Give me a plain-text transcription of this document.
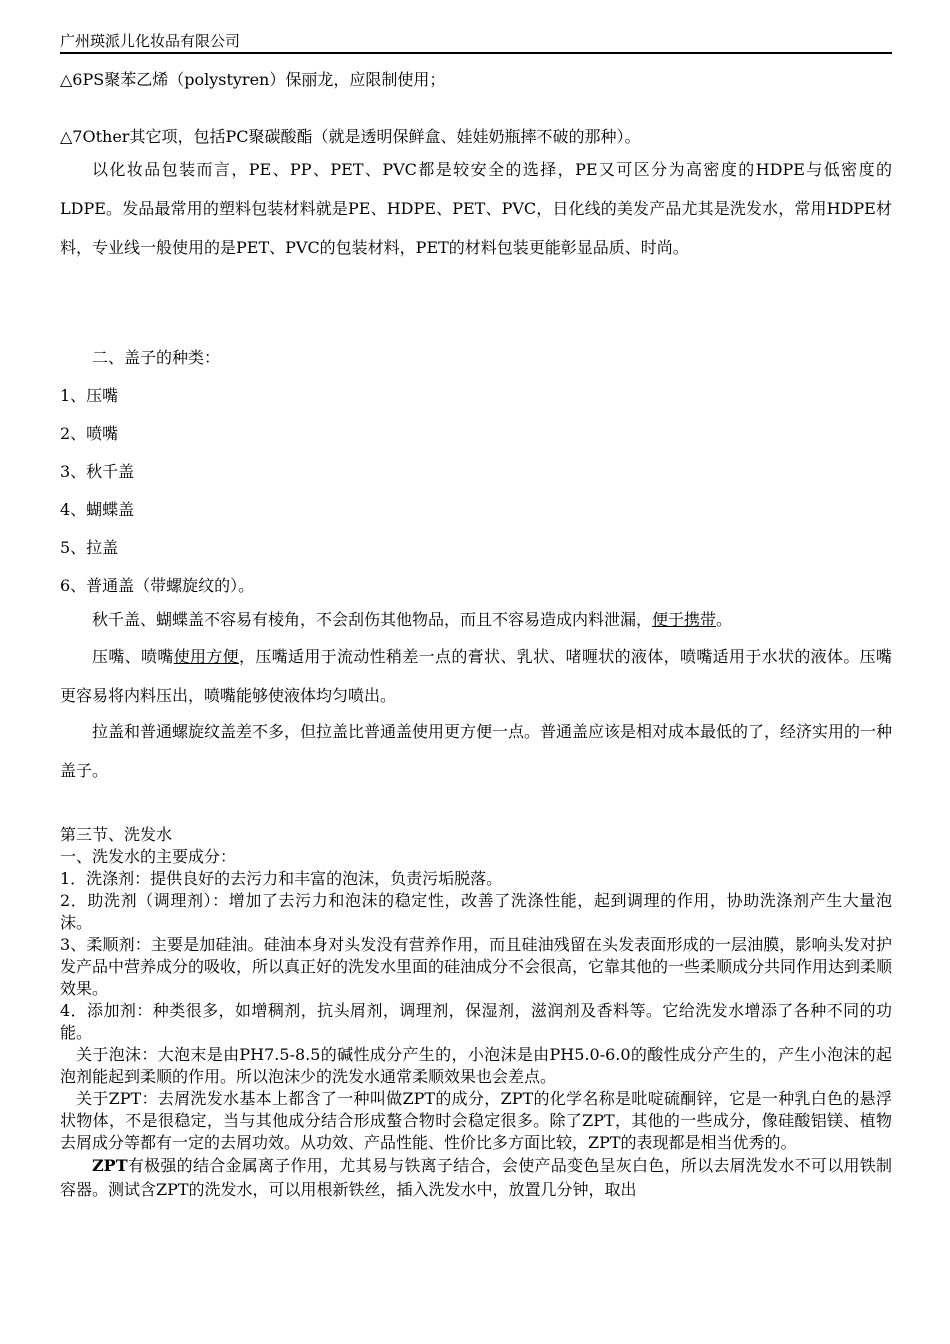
广州瑛派儿化妆品有限公司
△6PS聚苯乙烯（polystyren）保丽龙，应限制使用；
△7Other其它项，包括PC聚碳酸酯（就是透明保鲜盒、娃娃奶瓶摔不破的那种）。
以化妆品包装而言，PE、PP、PET、PVC都是较安全的选择，PE又可区分为高密度的HDPE与低密度的LDPE。发品最常用的塑料包装材料就是PE、HDPE、PET、PVC，日化线的美发产品尤其是洗发水，常用HDPE材料，专业线一般使用的是PET、PVC的包装材料，PET的材料包装更能彰显品质、时尚。
二、盖子的种类：
1、压嘴
2、喷嘴
3、秋千盖
4、蝴蝶盖
5、拉盖
6、普通盖（带螺旋纹的）。
秋千盖、蝴蝶盖不容易有棱角，不会刮伤其他物品，而且不容易造成内料泄漏，便于携带。
压嘴、喷嘴使用方便，压嘴适用于流动性稍差一点的膏状、乳状、啫喱状的液体，喷嘴适用于水状的液体。压嘴更容易将内料压出，喷嘴能够使液体均匀喷出。
拉盖和普通螺旋纹盖差不多，但拉盖比普通盖使用更方便一点。普通盖应该是相对成本最低的了，经济实用的一种盖子。
第三节、洗发水
一、洗发水的主要成分：
1．洗涤剂：提供良好的去污力和丰富的泡沫，负责污垢脱落。
2．助洗剂（调理剂）：增加了去污力和泡沫的稳定性，改善了洗涤性能，起到调理的作用，协助洗涤剂产生大量泡沫。
3、柔顺剂：主要是加硅油。硅油本身对头发没有营养作用，而且硅油残留在头发表面形成的一层油膜，影响头发对护发产品中营养成分的吸收，所以真正好的洗发水里面的硅油成分不会很高，它靠其他的一些柔顺成分共同作用达到柔顺效果。
4．添加剂：种类很多，如增稠剂，抗头屑剂，调理剂，保湿剂，滋润剂及香料等。它给洗发水增添了各种不同的功能。
关于泡沫：大泡末是由PH7.5-8.5的碱性成分产生的，小泡沫是由PH5.0-6.0的酸性成分产生的，产生小泡沫的起泡剂能起到柔顺的作用。所以泡沫少的洗发水通常柔顺效果也会差点。
关于ZPT：去屑洗发水基本上都含了一种叫做ZPT的成分，ZPT的化学名称是吡啶硫酮锌，它是一种乳白色的悬浮状物体，不是很稳定，当与其他成分结合形成螯合物时会稳定很多。除了ZPT，其他的一些成分，像硅酸铝镁、植物去屑成分等都有一定的去屑功效。从功效、产品性能、性价比多方面比较，ZPT的表现都是相当优秀的。
ZPT有极强的结合金属离子作用，尤其易与铁离子结合，会使产品变色呈灰白色，所以去屑洗发水不可以用铁制容器。测试含ZPT的洗发水，可以用根新铁丝，插入洗发水中，放置几分钟，取出
